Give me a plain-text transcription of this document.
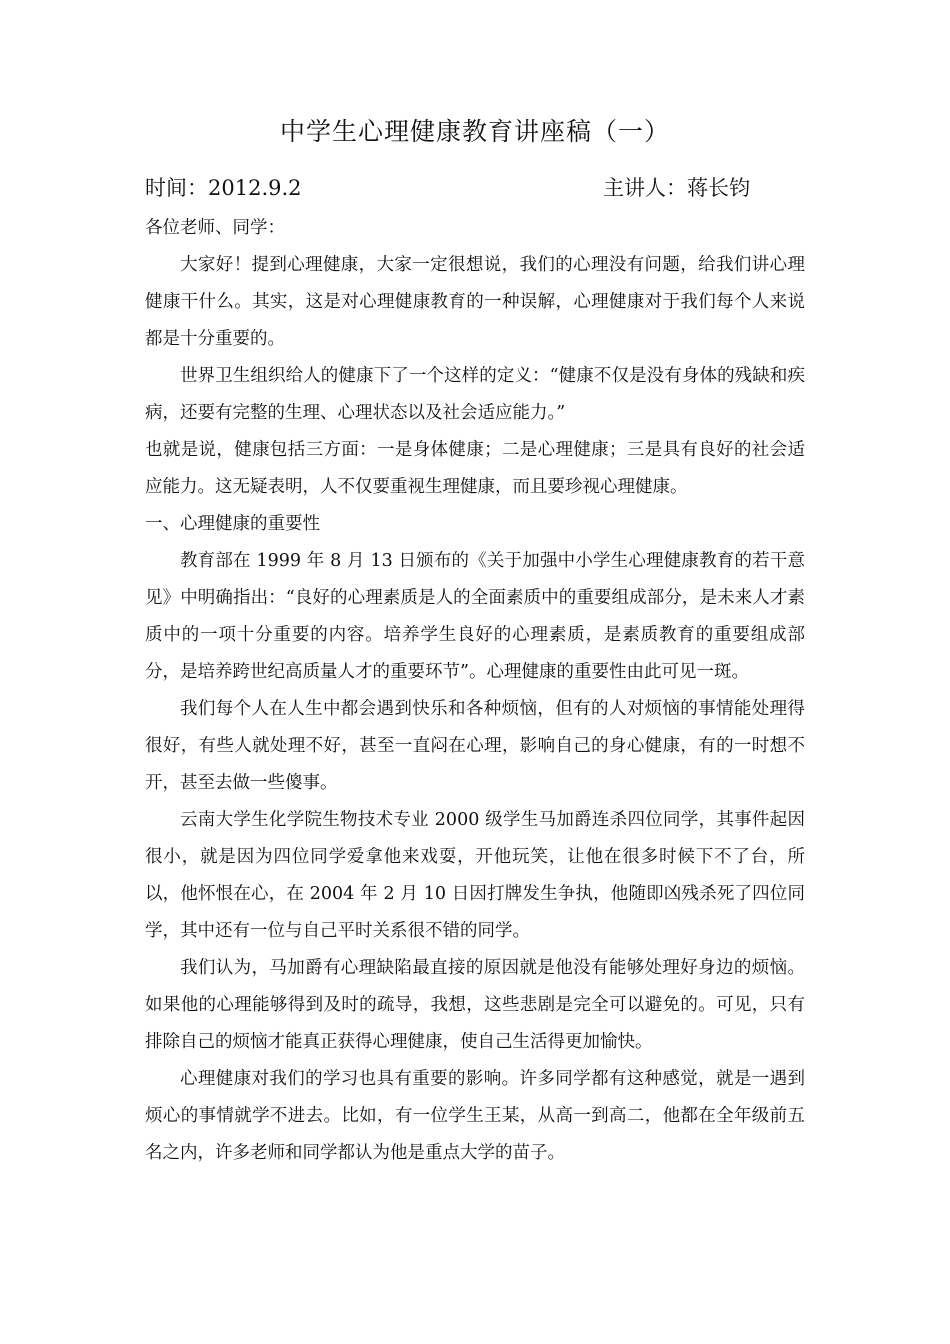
中学生心理健康教育讲座稿（一）
时间：2012.9.2	主讲人：蒋长钧

各位老师、同学：

大家好！提到心理健康，大家一定很想说，我们的心理没有问题，给我们讲心理健康干什么。其实，这是对心理健康教育的一种误解，心理健康对于我们每个人来说都是十分重要的。

世界卫生组织给人的健康下了一个这样的定义：“健康不仅是没有身体的残缺和疾病，还要有完整的生理、心理状态以及社会适应能力。”

也就是说，健康包括三方面：一是身体健康；二是心理健康；三是具有良好的社会适应能力。这无疑表明，人不仅要重视生理健康，而且要珍视心理健康。

一、心理健康的重要性

教育部在 1999 年 8 月 13 日颁布的《关于加强中小学生心理健康教育的若干意见》中明确指出：“良好的心理素质是人的全面素质中的重要组成部分，是未来人才素质中的一项十分重要的内容。培养学生良好的心理素质，是素质教育的重要组成部分，是培养跨世纪高质量人才的重要环节”。心理健康的重要性由此可见一斑。

我们每个人在人生中都会遇到快乐和各种烦恼，但有的人对烦恼的事情能处理得很好，有些人就处理不好，甚至一直闷在心理，影响自己的身心健康，有的一时想不开，甚至去做一些傻事。

云南大学生化学院生物技术专业 2000 级学生马加爵连杀四位同学，其事件起因很小，就是因为四位同学爱拿他来戏耍，开他玩笑，让他在很多时候下不了台，所以，他怀恨在心，在 2004 年 2 月 10 日因打牌发生争执，他随即凶残杀死了四位同学，其中还有一位与自己平时关系很不错的同学。

我们认为，马加爵有心理缺陷最直接的原因就是他没有能够处理好身边的烦恼。如果他的心理能够得到及时的疏导，我想，这些悲剧是完全可以避免的。可见，只有排除自己的烦恼才能真正获得心理健康，使自己生活得更加愉快。

心理健康对我们的学习也具有重要的影响。许多同学都有这种感觉，就是一遇到烦心的事情就学不进去。比如，有一位学生王某，从高一到高二，他都在全年级前五名之内，许多老师和同学都认为他是重点大学的苗子。
